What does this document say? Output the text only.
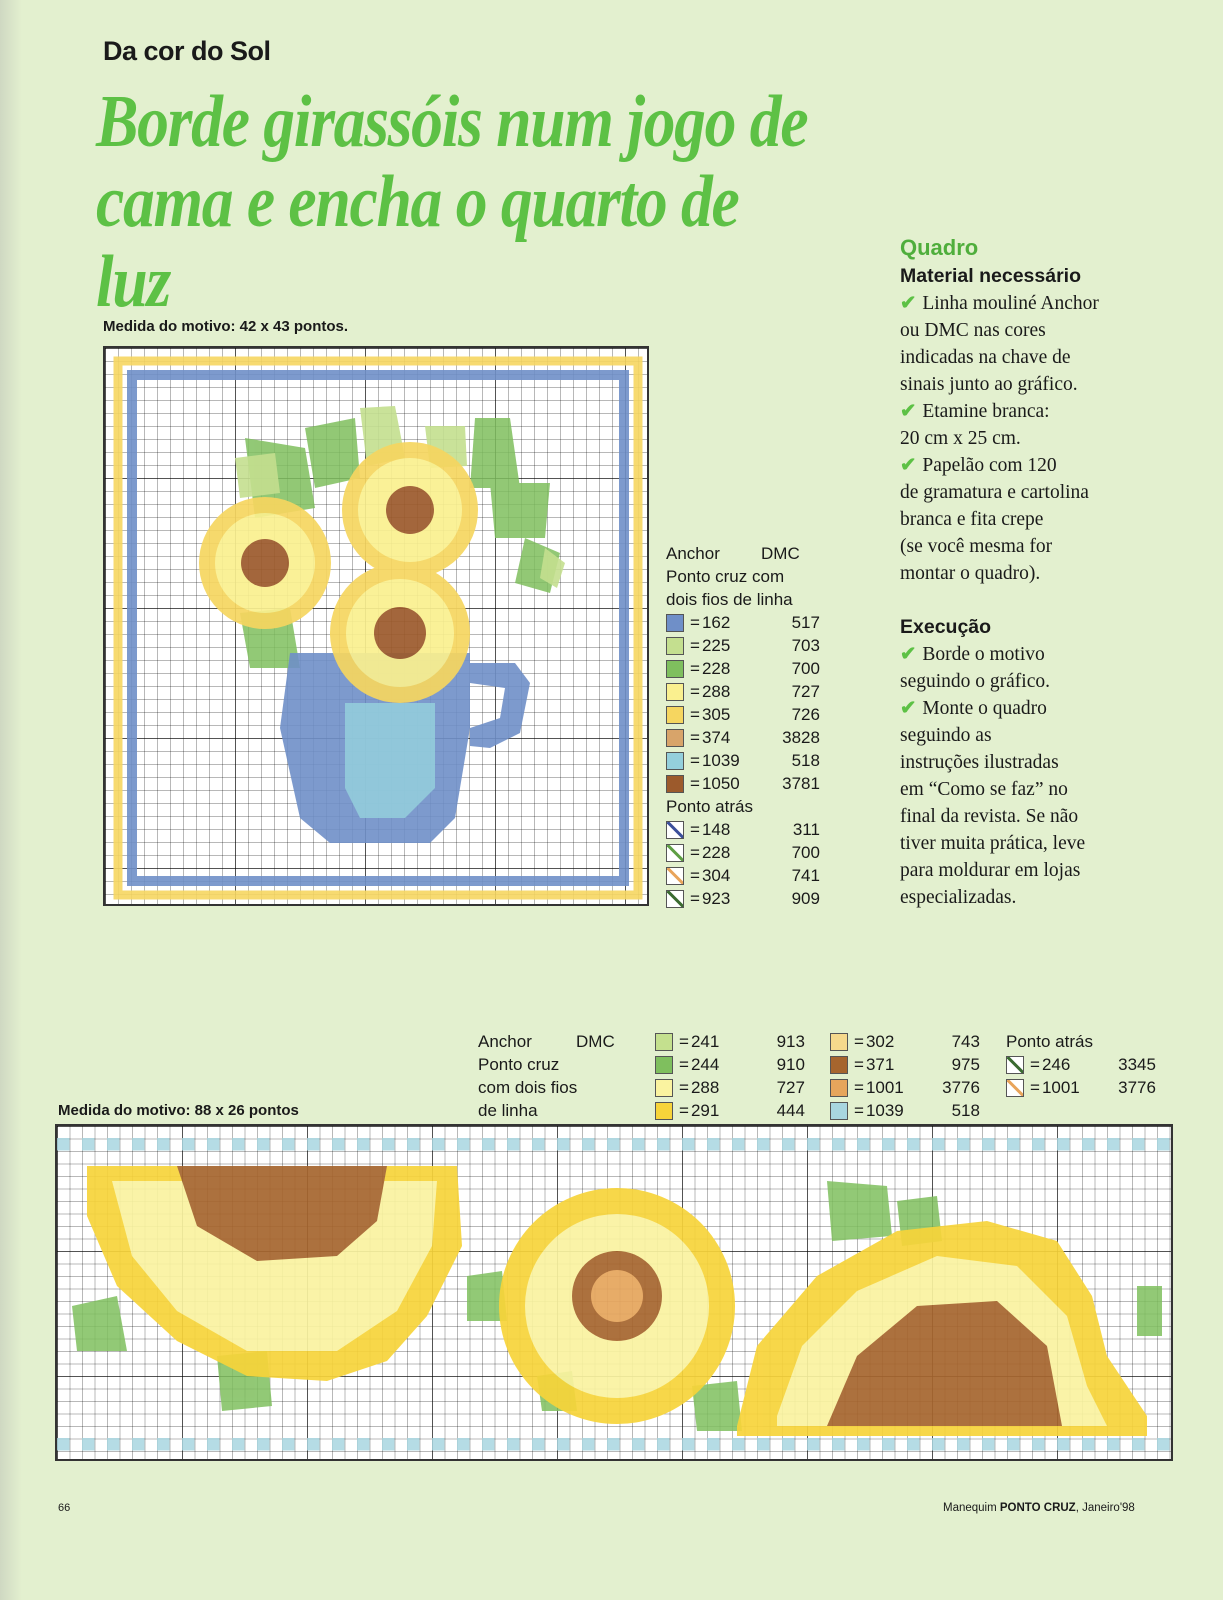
Da cor do Sol
Borde girassóis num jogo de cama e encha o quarto de luz
Medida do motivo: 42 x 43 pontos.
Anchor	DMC
Ponto cruz com
dois fios de linha
= 162	517
= 225	703
= 228	700
= 288	727
= 305	726
= 374	3828
= 1039	518
= 1050	3781
Ponto atrás
= 148	311
= 228	700
= 304	741
= 923	909

Quadro

Material necessário

✔ Linha mouliné Anchor

ou DMC nas cores

indicadas na chave de

sinais junto ao gráfico.

✔ Etamine branca:

20 cm x 25 cm.

✔ Papelão com 120

de gramatura e cartolina

branca e fita crepe

(se você mesma for

montar o quadro).

Execução

✔ Borde o motivo

seguindo o gráfico.

✔ Monte o quadro

seguindo as

instruções ilustradas

em “Como se faz” no

final da revista. Se não

tiver muita prática, leve

para moldurar em lojas

especializadas.

Anchor	DMC
Ponto cruz
com dois fios
de linha
= 241	913
= 244	910
= 288	727
= 291	444
= 302	743
= 371	975
= 1001	3776
= 1039	518
Ponto atrás
= 246	3345
= 1001	3776
Medida do motivo: 88 x 26 pontos
66	Manequim PONTO CRUZ, Janeiro'98
